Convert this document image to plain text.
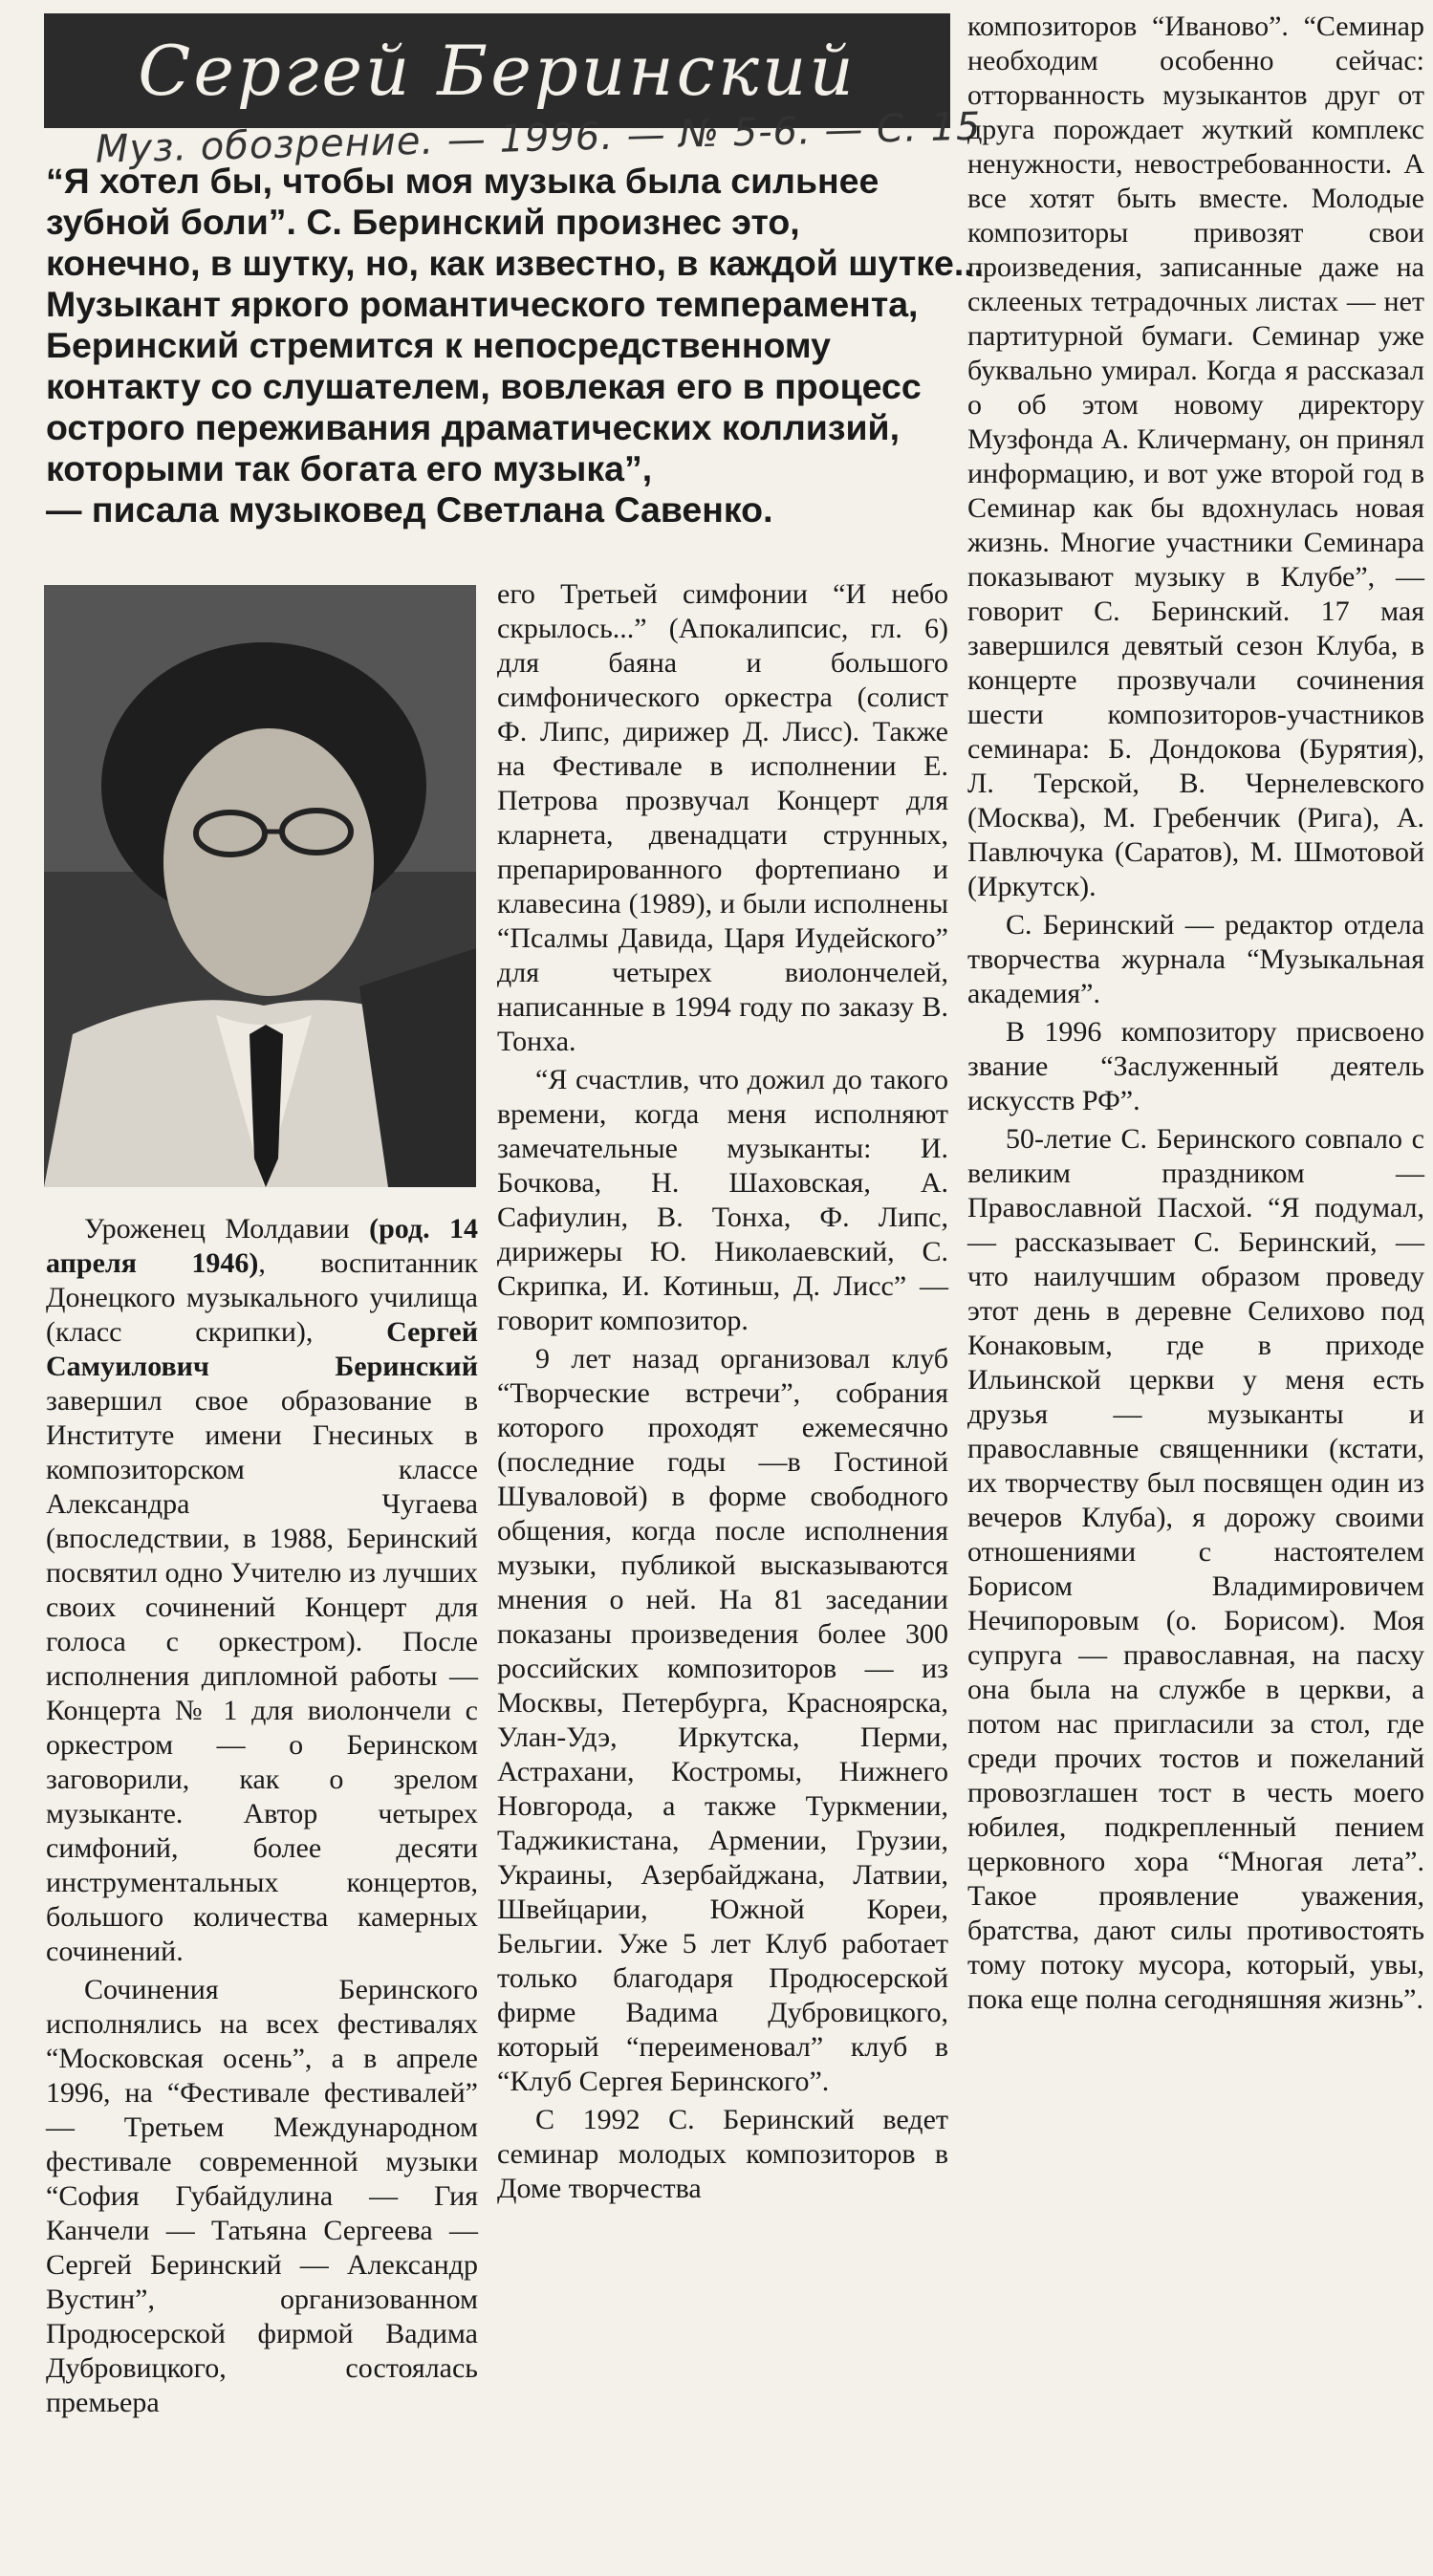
Сергей Беринский
Муз. обозрение. — 1996. — № 5-6. — С. 15

“Я хотел бы, чтобы моя музыка была сильнее

зубной боли”. С. Беринский произнес это,

конечно, в шутку, но, как известно, в каждой шутке...

Музыкант яркого романтического темперамента,

Беринский стремится к непосредственному

контакту со слушателем, вовлекая его в процесс

острого переживания драматических коллизий,

которыми так богата его музыка”,

— писала музыковед Светлана Савенко.

Уроженец Молдавии (род. 14 апреля 1946), воспитанник Донецкого музыкального училища (класс скрипки), Сергей Самуилович Беринский завершил свое образование в Институте имени Гнесиных в композиторском классе Александра Чугаева (впоследствии, в 1988, Беринский посвятил одно Учителю из лучших своих сочинений Концерт для голоса с оркестром). После исполнения дипломной работы — Концерта № 1 для виолончели с оркестром — о Беринском заговорили, как о зрелом музыканте. Автор четырех симфоний, более десяти инструментальных концертов, большого количества камерных сочинений.

Сочинения Беринского исполнялись на всех фестивалях “Московская осень”, а в апреле 1996, на “Фестивале фестивалей” — Третьем Международном фестивале современной музыки “София Губайдулина — Гия Канчели — Татьяна Сергеева — Сергей Беринский — Александр Вустин”, организованном Продюсерской фирмой Вадима Дубровицкого, состоялась премьера

его Третьей симфонии “И небо скрылось...” (Апокалипсис, гл. 6) для баяна и большого симфонического оркестра (солист Ф. Липс, дирижер Д. Лисс). Также на Фестивале в исполнении Е. Петрова прозвучал Концерт для кларнета, двенадцати струнных, препарированного фортепиано и клавесина (1989), и были исполнены “Псалмы Давида, Царя Иудейского” для четырех виолончелей, написанные в 1994 году по заказу В. Тонха.

“Я счастлив, что дожил до такого времени, когда меня исполняют замечательные музыканты: И. Бочкова, Н. Шаховская, А. Сафиулин, В. Тонха, Ф. Липс, дирижеры Ю. Николаевский, С. Скрипка, И. Котиньш, Д. Лисс” — говорит композитор.

9 лет назад организовал клуб “Творческие встречи”, собрания которого проходят ежемесячно (последние годы —в Гостиной Шуваловой) в форме свободного общения, когда после исполнения музыки, публикой высказываются мнения о ней. На 81 заседании показаны произведения более 300 российских композиторов — из Москвы, Петербурга, Красноярска, Улан-Удэ, Иркутска, Перми, Астрахани, Костромы, Нижнего Новгорода, а также Туркмении, Таджикистана, Армении, Грузии, Украины, Азербайджана, Латвии, Швейцарии, Южной Кореи, Бельгии. Уже 5 лет Клуб работает только благодаря Продюсерской фирме Вадима Дубровицкого, который “переименовал” клуб в “Клуб Сергея Беринского”.

С 1992 С. Беринский ведет семинар молодых композиторов в Доме творчества

композиторов “Иваново”. “Семинар необходим особенно сейчас: отторванность музыкантов друг от друга порождает жуткий комплекс ненужности, невостребованности. А все хотят быть вместе. Молодые композиторы привозят свои произведения, записанные даже на склееных тетрадочных листах — нет партитурной бумаги. Семинар уже буквально умирал. Когда я рассказал о об этом новому директору Музфонда А. Кличерману, он принял информацию, и вот уже второй год в Семинар как бы вдохнулась новая жизнь. Многие участники Семинара показывают музыку в Клубе”, — говорит С. Беринский. 17 мая завершился девятый сезон Клуба, в концерте прозвучали сочинения шести композиторов-участников семинара: Б. Дондокова (Бурятия), Л. Терской, В. Чернелевского (Москва), М. Гребенчик (Рига), А. Павлючука (Саратов), М. Шмотовой (Иркутск).

С. Беринский — редактор отдела творчества журнала “Музыкальная академия”.

В 1996 композитору присвоено звание “Заслуженный деятель искусств РФ”.

50-летие С. Беринского совпало с великим праздником — Православной Пасхой. “Я подумал, — рассказывает С. Беринский, — что наилучшим образом проведу этот день в деревне Селихово под Конаковым, где в приходе Ильинской церкви у меня есть друзья — музыканты и православные священники (кстати, их творчеству был посвящен один из вечеров Клуба), я дорожу своими отношениями с настоятелем Борисом Владимировичем Нечипоровым (о. Борисом). Моя супруга — православная, на пасху она была на службе в церкви, а потом нас пригласили за стол, где среди прочих тостов и пожеланий провозглашен тост в честь моего юбилея, подкрепленный пением церковного хора “Многая лета”. Такое проявление уважения, братства, дают силы противостоять тому потоку мусора, который, увы, пока еще полна сегодняшняя жизнь”.
